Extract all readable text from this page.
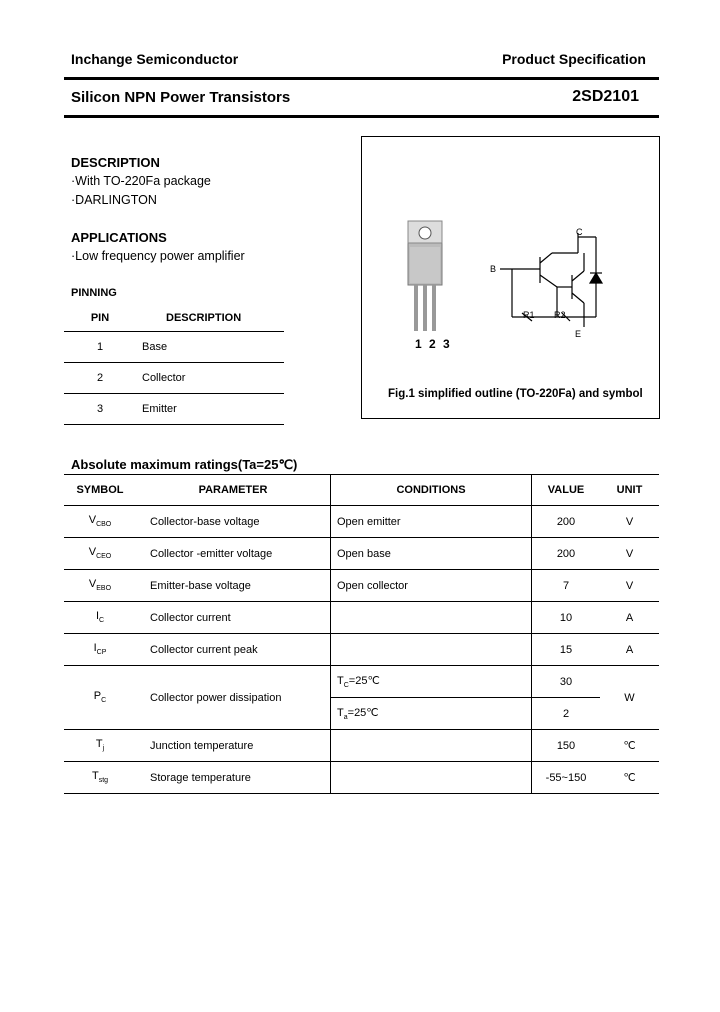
Inchange Semiconductor	Product Specification
Silicon NPN Power Transistors	2SD2101
DESCRIPTION
·With TO-220Fa package
·DARLINGTON
APPLICATIONS
·Low frequency power amplifier
PINNING
PIN	DESCRIPTION
1	Base
2	Collector
3	Emitter
C
B
E
R1 R2
1 2 3
Fig.1 simplified outline (TO-220Fa) and symbol
Absolute maximum ratings(Ta=25℃)
SYMBOL	PARAMETER	CONDITIONS	VALUE	UNIT
$V_{CBO}$	Collector-base voltage	Open emitter	200	V
$V_{CEO}$	Collector -emitter voltage	Open base	200	V
$V_{EBO}$	Emitter-base voltage	Open collector	7	V
$I_C$	Collector current		10	A
$I_{CP}$	Collector current peak		15	A
$P_C$	Collector power dissipation	$T_C=25℃$	30	W
		$T_a=25℃$	2	
$T_j$	Junction temperature		150	℃
$T_{stg}$	Storage temperature		-55~150	℃
